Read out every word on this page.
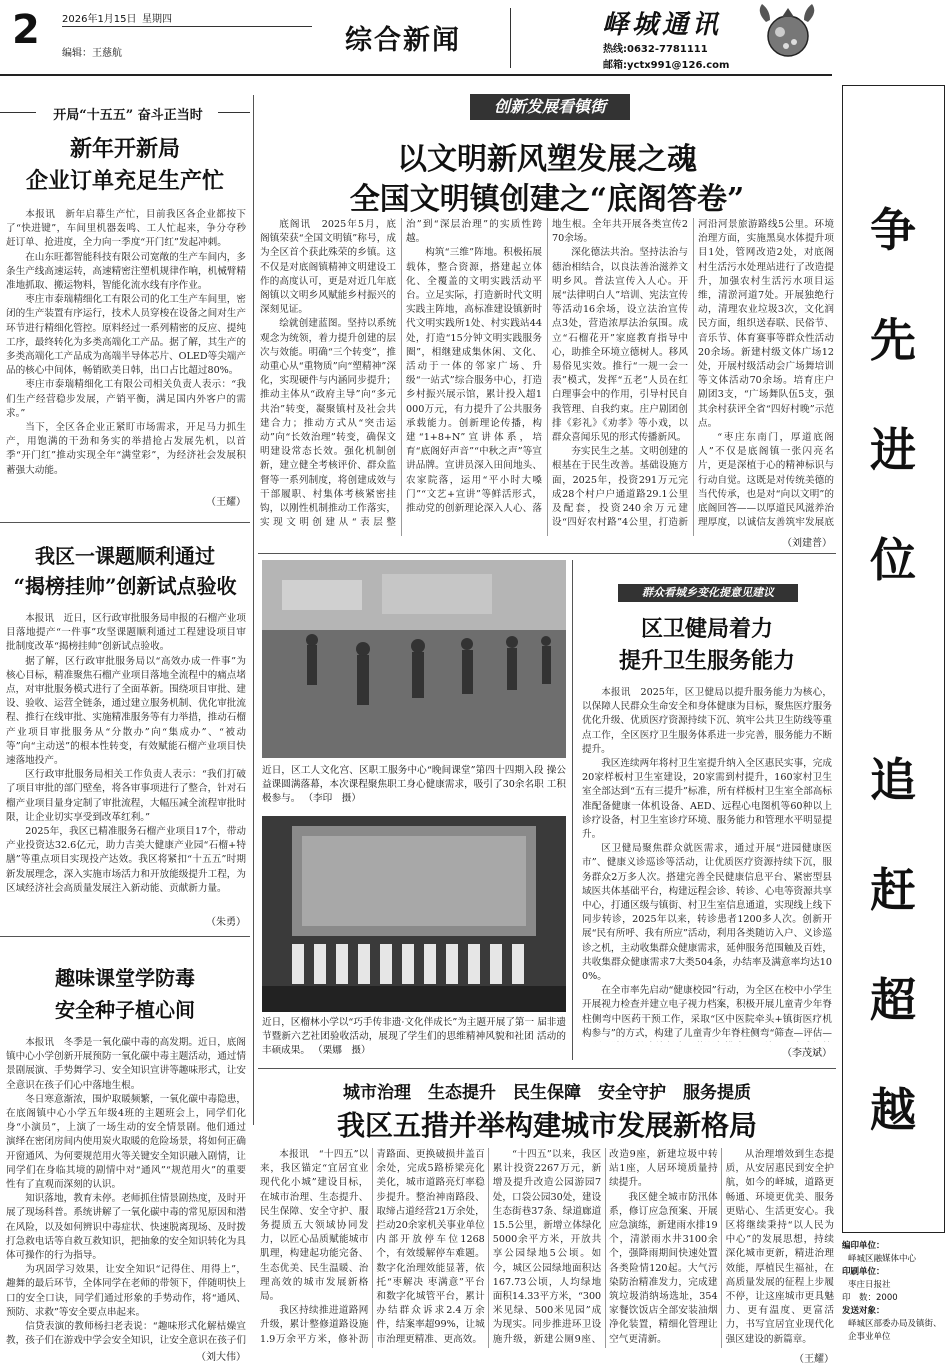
2 2026年1月15日 星期四
编辑：王慈航	综合新闻	峄城通讯
热线:0632-7781111
邮箱:yctx991@126.com
争
先
进
位
追
赶
超
越
编印单位：
峄城区融媒体中心
印刷单位：
枣庄日报社
印　数：2000
发送对象：
峄城区部委办局及镇街、企事业单位
开局“十五五” 奋斗正当时
新年开新局
企业订单充足生产忙

本报讯　新年启幕生产忙，目前我区各企业都按下了“快进键”，车间里机器轰鸣、工人忙起来，争分夺秒赶订单、抢进度，全力向一季度“开门红”发起冲刺。

在山东旺都智能科技有限公司宽敞的生产车间内，多条生产线高速运转，高速精密注塑机规律作响，机械臂精准地抓取、搬运物料，智能化流水线有序作业。

枣庄市泰瑞精细化工有限公司的化工生产车间里，密闭的生产装置有序运行，技术人员穿梭在设备之间对生产环节进行精细化管控。原料经过一系列精密的反应、提纯工序，最终转化为多类高端化工产品。据了解，其生产的多类高端化工产品成为高端半导体芯片、OLED等尖端产品的核心中间体，畅销欧美日韩，出口占比超过80%。

枣庄市泰瑞精细化工有限公司相关负责人表示：“我们生产经营稳步发展，产销平衡，满足国内外客户的需求。”

当下，全区各企业正紧盯市场需求，开足马力抓生产，用饱满的干劲和务实的举措抢占发展先机，以首季“开门红”推动实现全年“满堂彩”，为经济社会发展积蓄强大动能。

（王耀）
我区一课题顺利通过
“揭榜挂帅”创新试点验收

本报讯　近日，区行政审批服务局申报的石榴产业项目落地提产“一件事”攻坚课题顺利通过工程建设项目审批制度改革“揭榜挂帅”创新试点验收。

据了解，区行政审批服务局以“高效办成一件事”为核心目标，精准聚焦石榴产业项目落地全流程中的痛点堵点，对审批服务模式进行了全面革新。围绕项目审批、建设、验收、运营全链条，通过建立服务机制、优化审批流程、推行在线审批、实施精准服务等有力举措，推动石榴产业项目审批服务从“分散办”向“集成办”、“被动等”向“主动送”的根本性转变，有效赋能石榴产业项目快速落地投产。

区行政审批服务局相关工作负责人表示：“我们打破了项目审批的部门壁垒，将各审事项进行了整合，针对石榴产业项目量身定制了审批流程，大幅压减全流程审批时限，让企业切实享受到改革红利。”

2025年，我区已精准服务石榴产业项目17个，带动产业投资达32.6亿元，助力吉美大健康产业园“石榴+特膳”等重点项目实现投产达效。我区将紧扣“十五五”时期新发展理念，深入实施市场活力和开放能级提升工程，为区域经济社会高质量发展注入新动能、贡献新力量。

（朱勇）
趣味课堂学防毒
安全种子植心间

本报讯　冬季是一氧化碳中毒的高发期。近日，底阁镇中心小学创新开展预防一氧化碳中毒主题活动，通过情景剧展演、手势舞学习、安全知识宣讲等趣味形式，让安全意识在孩子们心中落地生根。

冬日寒意渐浓，围炉取暖频繁，一氧化碳中毒隐患，在底阁镇中心小学五年级4班的主题班会上，同学们化身“小演员”，上演了一场生动的安全情景剧。他们通过演绎在密闭房间内使用炭火取暖的危险场景，将如何正确开窗通风、为何要规范用火等关键安全知识融入剧情，让同学们在身临其境的剧情中对“通风”“规范用火”的重要性有了直观而深刻的认识。

知识落地，教育未停。老师抓住情景剧热度，及时开展了现场科普。系统讲解了一氧化碳中毒的常见原因和潜在风险，以及如何辨识中毒症状、快速脱离现场、及时拨打急救电话等自救互救知识，把抽象的安全知识转化为具体可操作的行为指导。

为巩固学习效果，让安全知识“记得住、用得上”，趣舞的最后环节，全体同学在老师的带领下，伴随明快上口的安全口诀，同学们通过形象的手势动作，将“通风、预防、求救”等安全要点串起来。

信贷表演的教师杨扫老表说：“趣味形式化解枯燥宣教，孩子们在游戏中学会安全知识，让安全意识在孩子们

（刘大伟）
创新发展看镇街
以文明新风塑发展之魂
全国文明镇创建之“底阁答卷”

底阁讯　2025年5月，底阁镇荣获“全国文明镇”称号，成为全区首个获此殊荣的乡镇。这不仅是对底阁镇精神文明建设工作的高度认可，更是对近几年底阁镇以文明乡风赋能乡村振兴的深刻见证。

绘就创建蓝图。坚持以系统观念为统领，着力提升创建的层次与效能。明确“三个转变”，推动重心从“重物质”向“塑精神”深化，实现硬件与内涵同步提升；推动主体从“政府主导”向“多元共治”转变，凝聚镇村及社会共建合力；推动方式从“突击运动”向“长效治理”转变，确保文明建设常态长效。强化机制创新，建立健全考核评价、群众监督等一系列制度，将创建成效与干部履职、村集体考核紧密挂钩，以刚性机制推动工作落实，实现文明创建从“表层整治”到“深层治理”的实质性跨越。

构筑“三维”阵地。积极拓展载体，整合资源，搭建起立体化、全覆盖的文明实践活动平台。立足实际，打造新时代文明实践主阵地，高标准建设镇新时代文明实践所1处、村实践站44处，打造“15分钟文明实践服务圈”，相继建成集休闲、文化、活动于一体的邻家广场、升级“一站式”综合服务中心，打造乡村振兴展示馆，累计投入超1000万元，有力提升了公共服务承载能力。创新理论传播，构建“1+8+N”宣讲体系，培育“底阁好声音”“中秋之声”等宣讲品牌。宣讲员深入田间地头、农家院落，运用“平小时大嗓门”“文艺+宣讲”等鲜活形式，推动党的创新理论深入人心、落地生根。全年共开展各类宣传270余场。

深化德法共治。坚持法治与德治相结合，以良法善治滋养文明乡风。普法宣传入人心。开展“法律明白人”培训、宪法宣传等活动16余场，设立法治宣传点3处，营造浓厚法治氛围。成立“石榴花开”家庭教育指导中心，助推全环境立德树人。移风易俗见实效。推行“一规一会一表”模式，发挥“五老”人员在红白理事会中的作用，引导村民自我管理、自我约束。庄户剧团创排《彩礼》《劝孝》等小戏，以群众喜闻乐见的形式传播新风。

夯实民生之基。文明创建的根基在于民生改善。基础设施方面，2025年，投资291万元完成28个村户户通道路29.1公里及配套，投资240余万元建设“四好农村路”4公里，打造新河沿河景旅游路线5公里。环境治理方面，实施黑臭水体提升项目1处，管网改造2处，对底阁村生活污水处理站进行了改造提升，加强农村生活污水项目运维，清淤河道7处。开展独绝行动，清理农业垃圾3次，文化润民方面，组织送春联、民俗节、音乐节、体育赛事等群众性活动20余场。新建村级文体广场12处，开展村级活动会广场舞培训等文体活动70余场。培育庄户剧团3支，“广场舞队伍5支，强其余村获评全省“四好村晚”示范点。

“枣庄东南门，厚道底阁人”不仅是底阁镇一张闪亮名片，更是深植于心的精神标识与行动自觉。这既是对传统美德的当代传承，也是对“向以文明”的底阁回答——以厚道民风滋养治理厚度，以诚信友善筑牢发展底

（刘建普）
近日，区工人文化宫、区职工服务中心“晚间课堂”第四十四期入段 操公益课圆满落幕，本次课程聚焦职工身心健康需求，吸引了30余名职 工积极参与。 （李印　摄）
近日，区榴林小学以“巧手传非遗·文化伴成长”为主题开展了第一 届非遗节暨新六艺社团验收活动，展现了学生们的思维精神风貌和社团 活动的丰硕成果。 （栗娜　摄）
群众看城乡变化提意见建议
区卫健局着力
提升卫生服务能力

本报讯　2025年，区卫健局以提升服务能力为核心，以保障人民群众生命安全和身体健康为目标，聚焦医疗服务优化升级、优质医疗资源持续下沉、筑牢公共卫生防线等重点工作，全区医疗卫生服务体系进一步完善，服务能力不断提升。

我区连续两年将村卫生室提升纳入全区惠民实事，完成20家样板村卫生室建设，20家需到村提升，160家村卫生室全部达到“五有三提升”标准，所有样板村卫生室全部高标准配备健康一体机设备、AED、远程心电图机等60种以上诊疗设备，村卫生室诊疗环境、服务能力和管理水平明显提升。

区卫健局聚焦群众就医需求，通过开展“进园健康医市”、健康义诊巡诊等活动，让优质医疗资源持续下沉，服务群众2万多人次。搭建完善全民健康信息平台、紧密型县域医共体基础平台，构建远程会诊、转诊、心电等资源共享中心，打通区级与镇街、村卫生室信息通道，实现线上线下同步转诊，2025年以来，转诊患者1200多人次。创新开展“民有所呼、我有所应”活动，利用各类随访入户、义诊巡诊之机，主动收集群众健康需求，延伸服务范围触及百姓，共收集群众健康需求7大类504条，办结率及满意率均达100%。

在全市率先启动“健康校园”行动，为全区在校中小学生开展视力检查并建立电子视力档案，积极开展儿童青少年脊柱侧弯中医药干预工作，采取“区中医院牵头+镇街医疗机构参与”的方式，构建了儿童青少年脊柱侧弯“筛查—评估—

（李茂斌）
城市治理　生态提升　民生保障　安全守护　服务提质
我区五措并举构建城市发展新格局

本报讯　“十四五”以来，我区锚定“宜居宜业现代化小城”建设目标，在城市治理、生态提升、民生保障、安全守护、服务提质五大领域协同发力，以匠心品质赋能城市肌理，构建起功能完备、生态优美、民生温暖、治理高效的城市发展新格局。

我区持续推进道路网升级，累计整修道路设施1.9万余平方米，修补沥青路面、更换破损井盖百余处，完成5路桥梁亮化美化，城市道路亮灯率稳步提升。整治神南路段、取缔占道经营21万余处，拦动20余家机关事业单位内部开放停车位1268个，有效缓解停车难题。数字化治理效能显著，依托“枣解决 枣满意”平台和数字化城管平台，累计办结群众诉求2.4万余件，结案率超99%，让城市治理更精准、更高效。

“十四五”以来，我区累计投资2267万元，新增及提升改造公园游园7处，口袋公园30处，建设生态街巷37条、绿道廊道15.5公里，新增立体绿化5000余平方米，开放共享公园绿地5公顷。如今，城区公园绿地面积达167.73公顷，人均绿地面积14.33平方米，“300米见绿、500米见园”成为现实。同步推进环卫设施升级，新建公厕9座、改造9座，新建垃圾中转站1座，人居环境质量持续提升。

我区健全城市防汛体系，修订应急预案、开展应急演练，新建雨水排19个，清淤雨水井3100余个，强降雨期间快速处置各类险情120起。大气污染防治精准发力，完成建筑垃圾消纳场选址，354家餐饮饭店全部安装油烟净化装置，精细化管理让空气更清新。

从治理增效到生态提质，从安居惠民到安全护航，如今的峄城，道路更畅通、环境更优美、服务更贴心、生活更安心。我区将继续秉持“以人民为中心”的发展思想，持续深化城市更新，精进治理效能，厚植民生福祉，在高质量发展的征程上步履不停，让这座城市更具魅力、更有温度、更富活力，书写宜居宜业现代化强区建设的新篇章。

（王耀）
